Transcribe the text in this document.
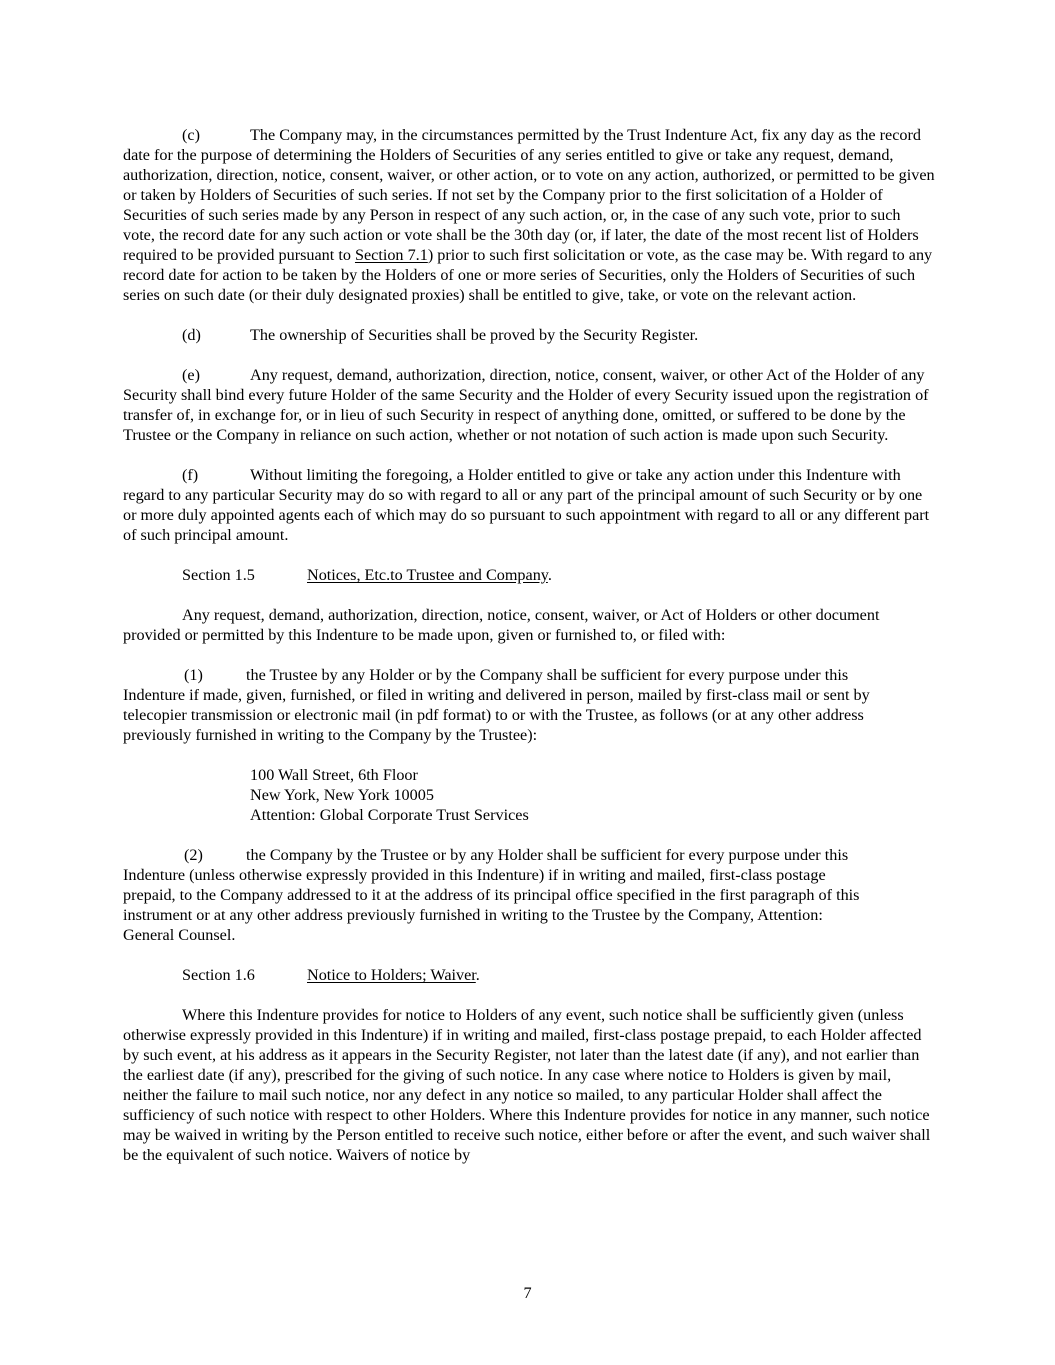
(c)	The Company may, in the circumstances permitted by the Trust Indenture Act, fix any day as the record date for the purpose of determining the Holders of Securities of any series entitled to give or take any request, demand, authorization, direction, notice, consent, waiver, or other action, or to vote on any action, authorized, or permitted to be given or taken by Holders of Securities of such series. If not set by the Company prior to the first solicitation of a Holder of Securities of such series made by any Person in respect of any such action, or, in the case of any such vote, prior to such vote, the record date for any such action or vote shall be the 30th day (or, if later, the date of the most recent list of Holders required to be provided pursuant to Section 7.1) prior to such first solicitation or vote, as the case may be. With regard to any record date for action to be taken by the Holders of one or more series of Securities, only the Holders of Securities of such series on such date (or their duly designated proxies) shall be entitled to give, take, or vote on the relevant action.

(d)	The ownership of Securities shall be proved by the Security Register.

(e)	Any request, demand, authorization, direction, notice, consent, waiver, or other Act of the Holder of any Security shall bind every future Holder of the same Security and the Holder of every Security issued upon the registration of transfer of, in exchange for, or in lieu of such Security in respect of anything done, omitted, or suffered to be done by the Trustee or the Company in reliance on such action, whether or not notation of such action is made upon such Security.

(f)	Without limiting the foregoing, a Holder entitled to give or take any action under this Indenture with regard to any particular Security may do so with regard to all or any part of the principal amount of such Security or by one or more duly appointed agents each of which may do so pursuant to such appointment with regard to all or any different part of such principal amount.

Section 1.5	Notices, Etc.to Trustee and Company.

Any request, demand, authorization, direction, notice, consent, waiver, or Act of Holders or other document provided or permitted by this Indenture to be made upon, given or furnished to, or filed with:

(1)	the Trustee by any Holder or by the Company shall be sufficient for every purpose under this Indenture if made, given, furnished, or filed in writing and delivered in person, mailed by first-class mail or sent by telecopier transmission or electronic mail (in pdf format) to or with the Trustee, as follows (or at any other address previously furnished in writing to the Company by the Trustee):

100 Wall Street, 6th Floor
New York, New York 10005
Attention: Global Corporate Trust Services

(2)	the Company by the Trustee or by any Holder shall be sufficient for every purpose under this Indenture (unless otherwise expressly provided in this Indenture) if in writing and mailed, first-class postage prepaid, to the Company addressed to it at the address of its principal office specified in the first paragraph of this instrument or at any other address previously furnished in writing to the Trustee by the Company, Attention: General Counsel.

Section 1.6	Notice to Holders; Waiver.

Where this Indenture provides for notice to Holders of any event, such notice shall be sufficiently given (unless otherwise expressly provided in this Indenture) if in writing and mailed, first-class postage prepaid, to each Holder affected by such event, at his address as it appears in the Security Register, not later than the latest date (if any), and not earlier than the earliest date (if any), prescribed for the giving of such notice. In any case where notice to Holders is given by mail, neither the failure to mail such notice, nor any defect in any notice so mailed, to any particular Holder shall affect the sufficiency of such notice with respect to other Holders. Where this Indenture provides for notice in any manner, such notice may be waived in writing by the Person entitled to receive such notice, either before or after the event, and such waiver shall be the equivalent of such notice. Waivers of notice by

7
